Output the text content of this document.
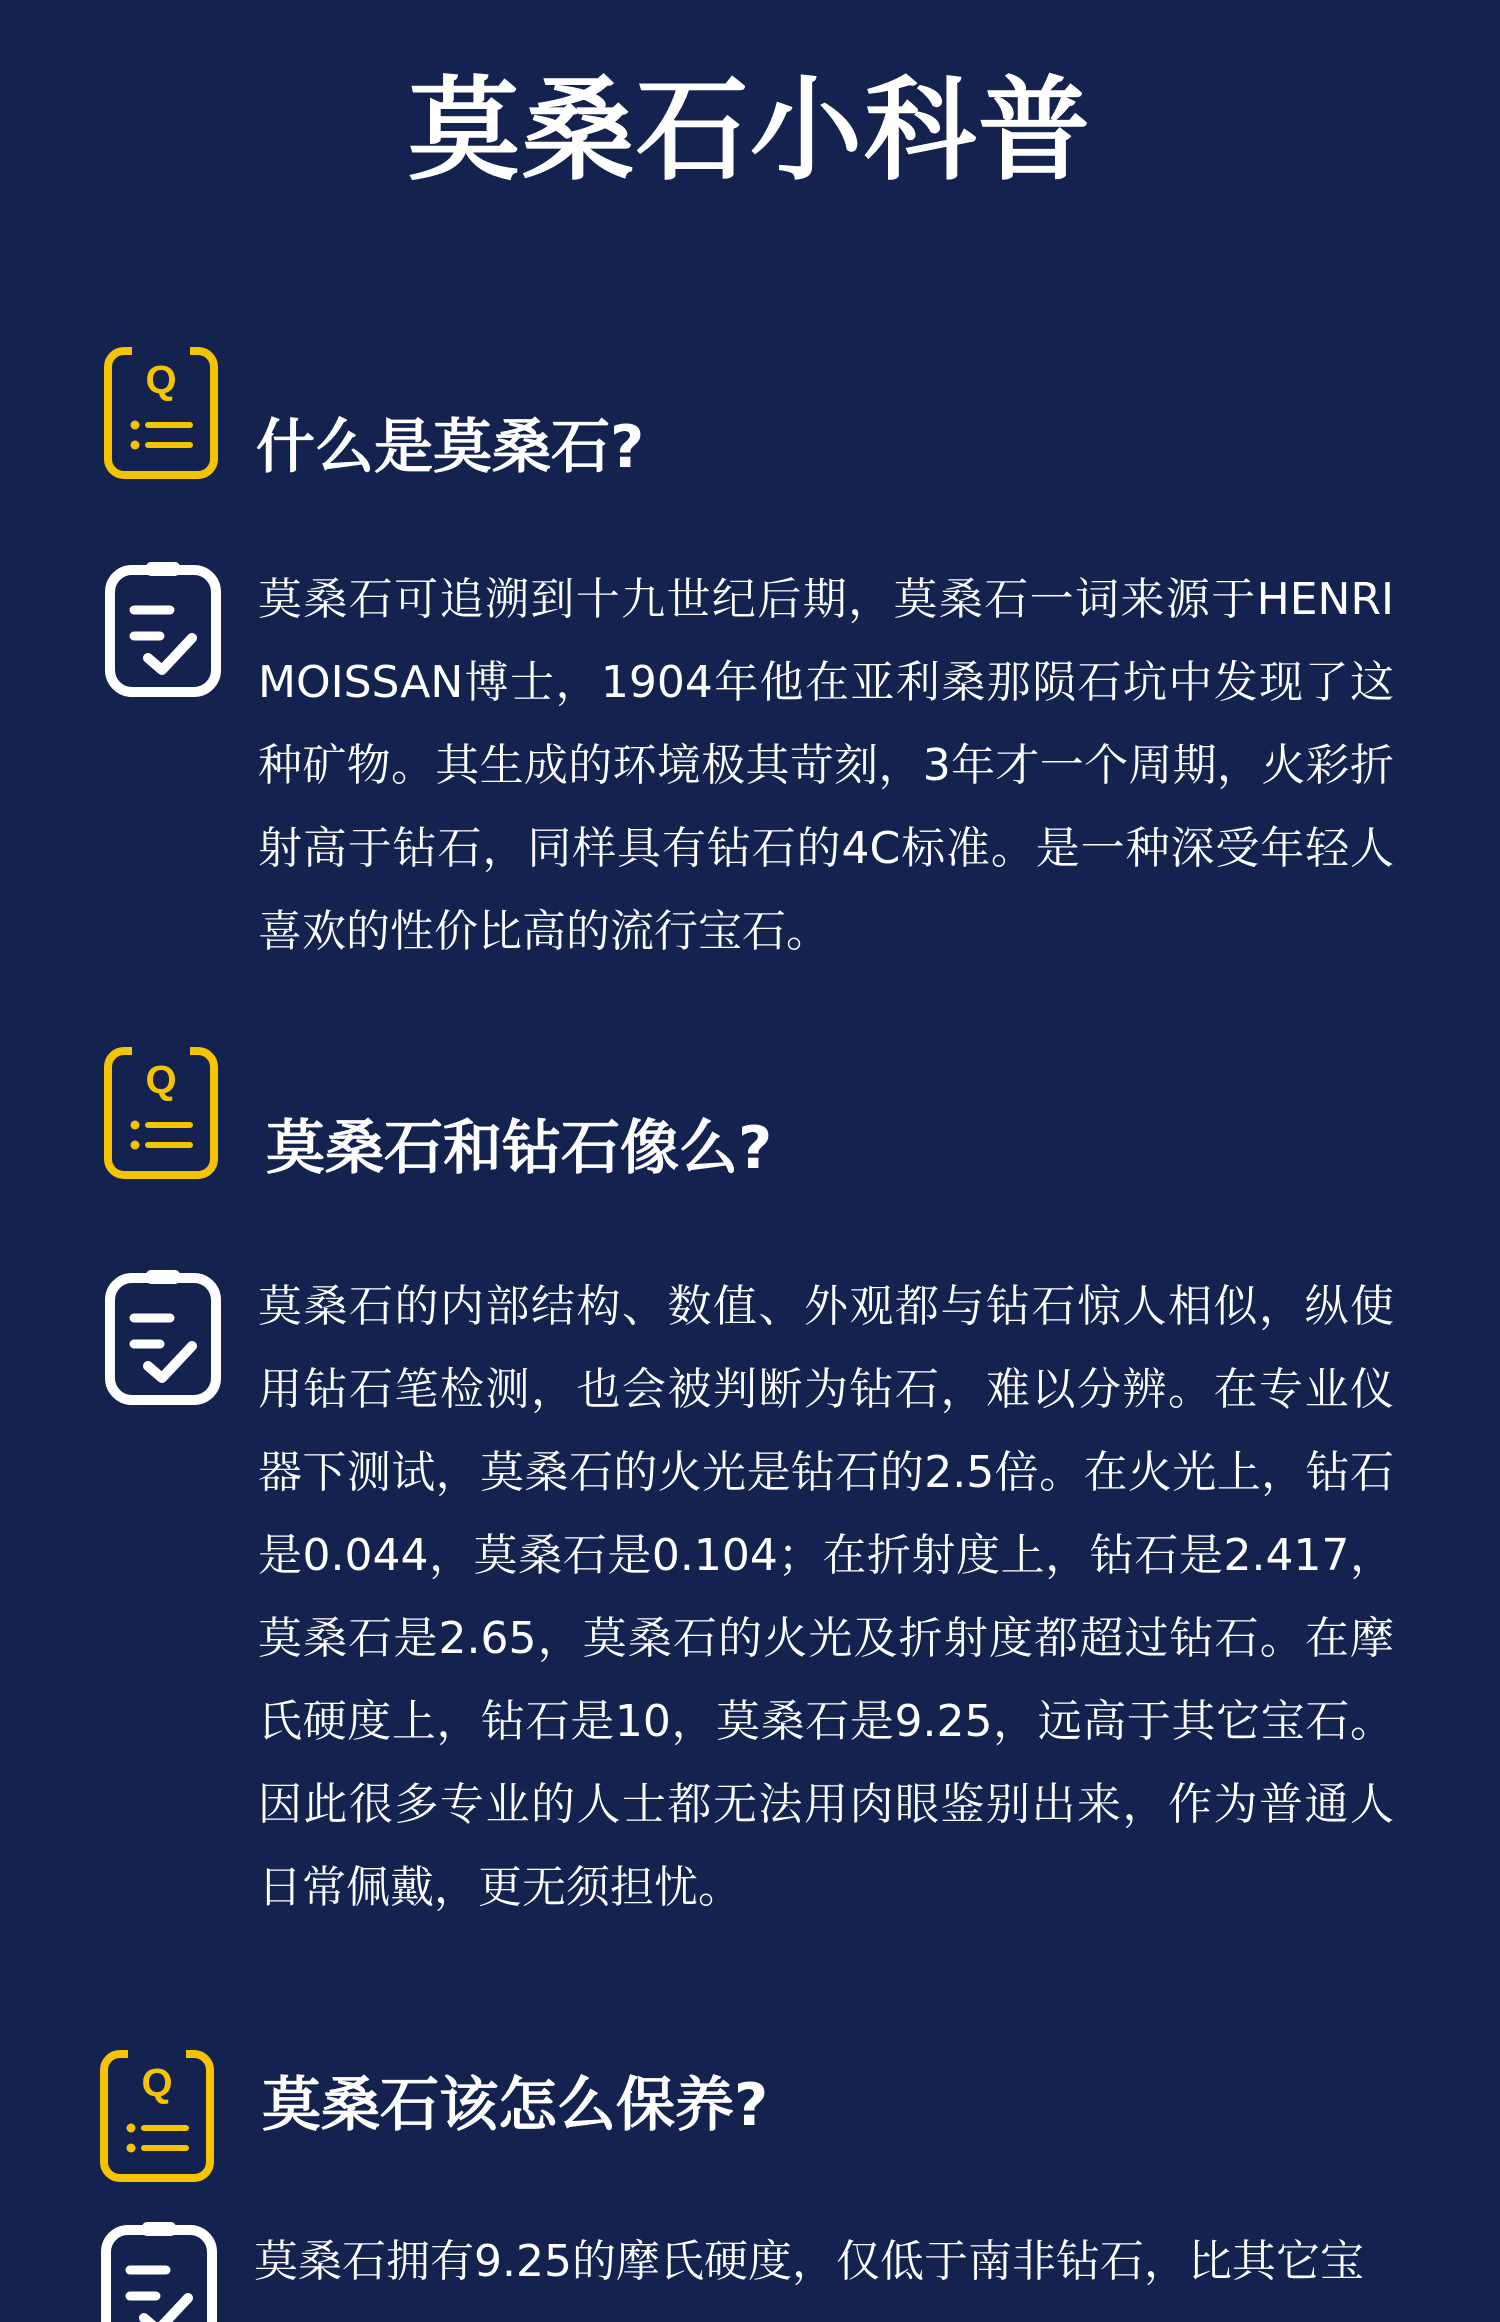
莫桑石小科普
Q
什么是莫桑石?
莫桑石可追溯到十九世纪后期，莫桑石一词来源于HENRI MOISSAN博士，1904年他在亚利桑那陨石坑中发现了这种矿物。其生成的环境极其苛刻，3年才一个周期，火彩折射高于钻石，同样具有钻石的4C标准。是一种深受年轻人喜欢的性价比高的流行宝石。
Q
莫桑石和钻石像么?
莫桑石的内部结构、数值、外观都与钻石惊人相似，纵使用钻石笔检测，也会被判断为钻石，难以分辨。在专业仪器下测试，莫桑石的火光是钻石的2.5倍。在火光上，钻石是0.044，莫桑石是0.104；在折射度上，钻石是2.417，莫桑石是2.65，莫桑石的火光及折射度都超过钻石。在摩氏硬度上，钻石是10，莫桑石是9.25，远高于其它宝石。因此很多专业的人士都无法用肉眼鉴别出来，作为普通人日常佩戴，更无须担忧。
Q 莫桑石该怎么保养?
莫桑石拥有9.25的摩氏硬度，仅低于南非钻石，比其它宝
